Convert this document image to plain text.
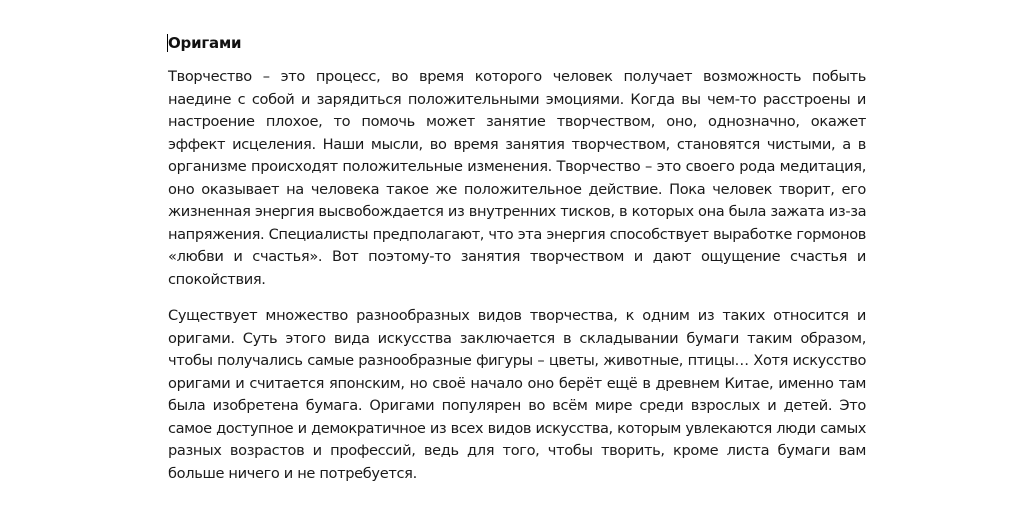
Оригами
Творчество – это процесс, во время которого человек получает возможность побыть
наедине с собой и зарядиться положительными эмоциями. Когда вы чем-то расстроены и
настроение плохое, то помочь может занятие творчеством, оно, однозначно, окажет
эффект исцеления. Наши мысли, во время занятия творчеством, становятся чистыми, а в
организме происходят положительные изменения. Творчество – это своего рода медитация,
оно оказывает на человека такое же положительное действие. Пока человек творит, его
жизненная энергия высвобождается из внутренних тисков, в которых она была зажата из-за
напряжения. Специалисты предполагают, что эта энергия способствует выработке гормонов
«любви и счастья». Вот поэтому-то занятия творчеством и дают ощущение счастья и
спокойствия.
Существует множество разнообразных видов творчества, к одним из таких относится и
оригами. Суть этого вида искусства заключается в складывании бумаги таким образом,
чтобы получались самые разнообразные фигуры – цветы, животные, птицы… Хотя искусство
оригами и считается японским, но своё начало оно берёт ещё в древнем Китае, именно там
была изобретена бумага. Оригами популярен во всём мире среди взрослых и детей. Это
самое доступное и демократичное из всех видов искусства, которым увлекаются люди самых
разных возрастов и профессий, ведь для того, чтобы творить, кроме листа бумаги вам
больше ничего и не потребуется.
